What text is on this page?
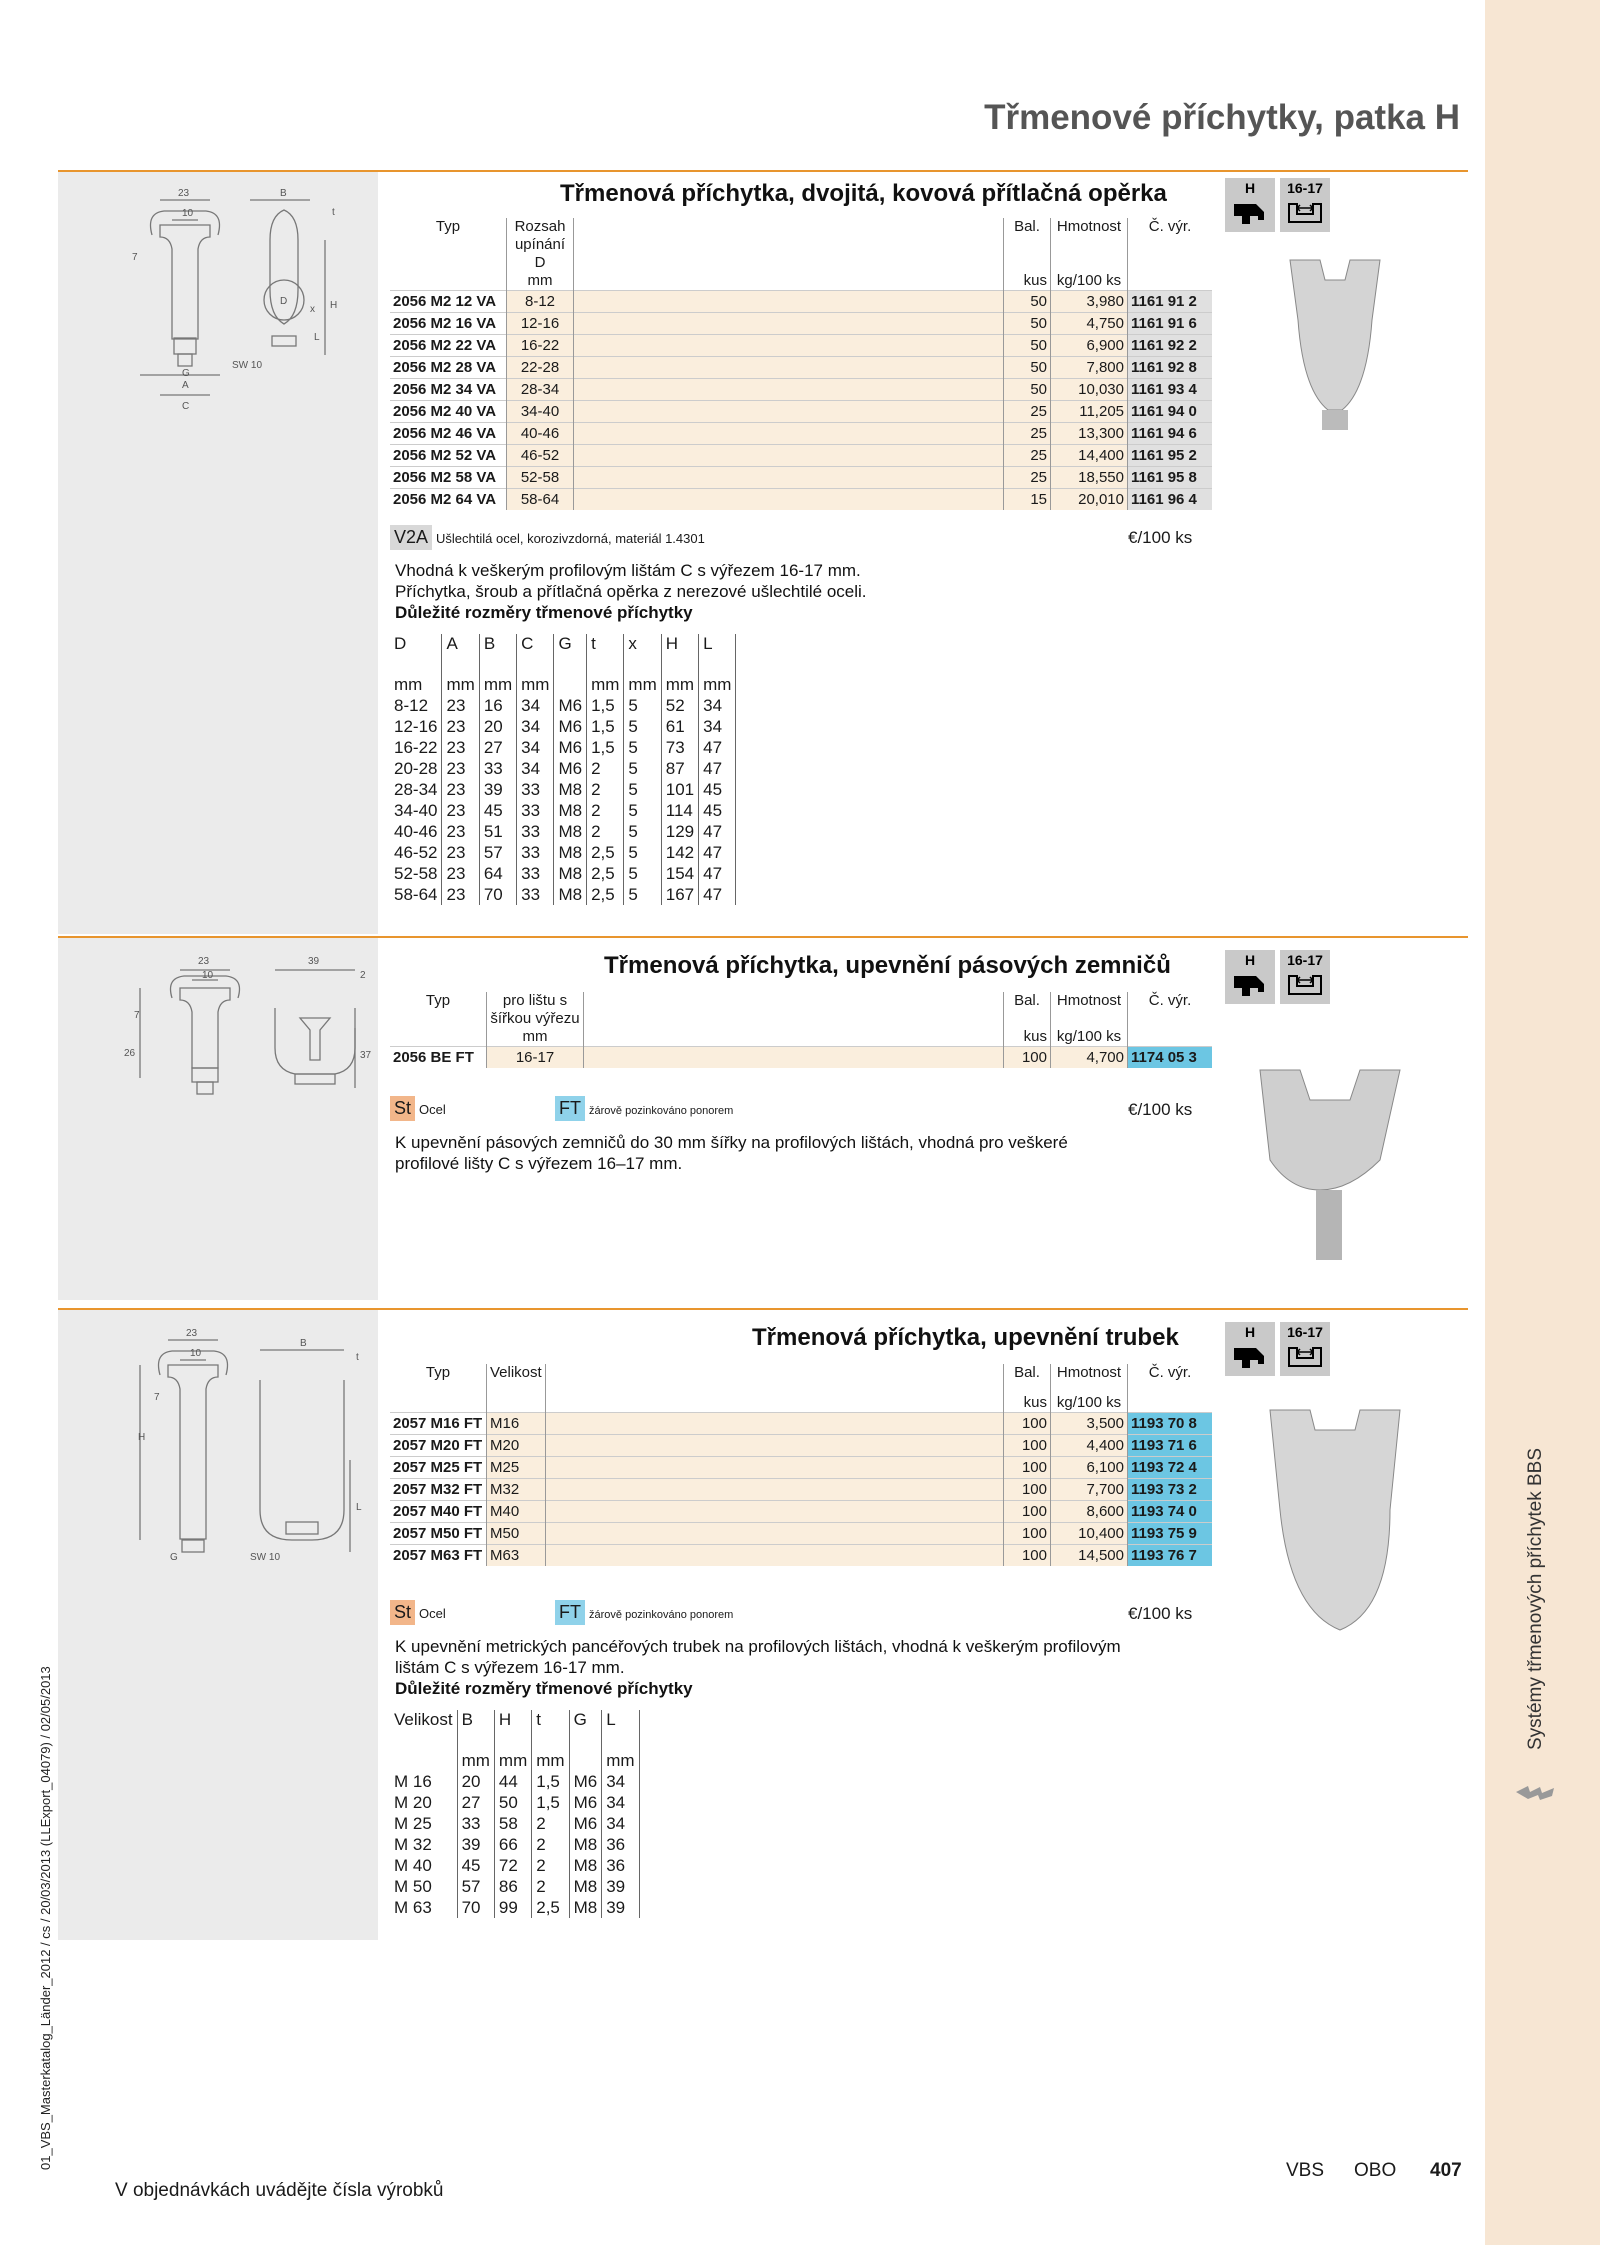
Systémy třmenových příchytek BBS
Třmenové příchytky, patka H
01_VBS_Masterkatalog_Länder_2012 / cs / 20/03/2013 (LLExport_04079) / 02/05/2013
23
10
B
t
7
D
x H
L
G
A
C
SW 10
Třmenová příchytka, dvojitá, kovová přítlačná opěrka	H	16-17
Typ	Rozsah upínání D		Bal.	Hmotnost	Č. výr.
	mm		kus	kg/100 ks	
2056 M2 12 VA	8-12		50	3,980	1161 91 2
2056 M2 16 VA	12-16		50	4,750	1161 91 6
2056 M2 22 VA	16-22		50	6,900	1161 92 2
2056 M2 28 VA	22-28		50	7,800	1161 92 8
2056 M2 34 VA	28-34		50	10,030	1161 93 4
2056 M2 40 VA	34-40		25	11,205	1161 94 0
2056 M2 46 VA	40-46		25	13,300	1161 94 6
2056 M2 52 VA	46-52		25	14,400	1161 95 2
2056 M2 58 VA	52-58		25	18,550	1161 95 8
2056 M2 64 VA	58-64		15	20,010	1161 96 4
V2A Ušlechtilá ocel, korozivzdorná, materiál 1.4301	€/100 ks
Vhodná k veškerým profilovým lištám C s výřezem 16-17 mm.
Příchytka, šroub a přítlačná opěrka z nerezové ušlechtilé oceli.
Důležité rozměry třmenové příchytky
D	A	B	C	G	t	x	H	L
mm	mm	mm	mm		mm	mm	mm	mm
8-12	23	16	34	M6	1,5	5	52	34
12-16	23	20	34	M6	1,5	5	61	34
16-22	23	27	34	M6	1,5	5	73	47
20-28	23	33	34	M6	2	5	87	47
28-34	23	39	33	M8	2	5	101	45
34-40	23	45	33	M8	2	5	114	45
40-46	23	51	33	M8	2	5	129	47
46-52	23	57	33	M8	2,5	5	142	47
52-58	23	64	33	M8	2,5	5	154	47
58-64	23	70	33	M8	2,5	5	167	47
23
10
39
2
7
26	37
Třmenová příchytka, upevnění pásových zemničů	H	16-17
Typ	pro lištu s šířkou výřezu		Bal.	Hmotnost	Č. výr.
	mm		kus	kg/100 ks	
2056 BE FT	16-17		100	4,700	1174 05 3
St Ocel	FT žárově pozinkováno ponorem	€/100 ks
K upevnění pásových zemničů do 30 mm šířky na profilových lištách, vhodná pro veškeré
profilové lišty C s výřezem 16–17 mm.
23
10
B
t
H
L
G	SW 10
7
Třmenová příchytka, upevnění trubek	H	16-17
Typ	Velikost		Bal.	Hmotnost	Č. výr.
			kus	kg/100 ks	
2057 M16 FT	M16		100	3,500	1193 70 8
2057 M20 FT	M20		100	4,400	1193 71 6
2057 M25 FT	M25		100	6,100	1193 72 4
2057 M32 FT	M32		100	7,700	1193 73 2
2057 M40 FT	M40		100	8,600	1193 74 0
2057 M50 FT	M50		100	10,400	1193 75 9
2057 M63 FT	M63		100	14,500	1193 76 7
St Ocel	FT žárově pozinkováno ponorem	€/100 ks
K upevnění metrických pancéřových trubek na profilových lištách, vhodná k veškerým profilovým
lištám C s výřezem 16-17 mm.
Důležité rozměry třmenové příchytky
Velikost	B	H	t	G	L
	mm	mm	mm		mm
M 16	20	44	1,5	M6	34
M 20	27	50	1,5	M6	34
M 25	33	58	2	M6	34
M 32	39	66	2	M8	36
M 40	45	72	2	M8	36
M 50	57	86	2	M8	39
M 63	70	99	2,5	M8	39
V objednávkách uvádějte čísla výrobků
VBS OBO 407
